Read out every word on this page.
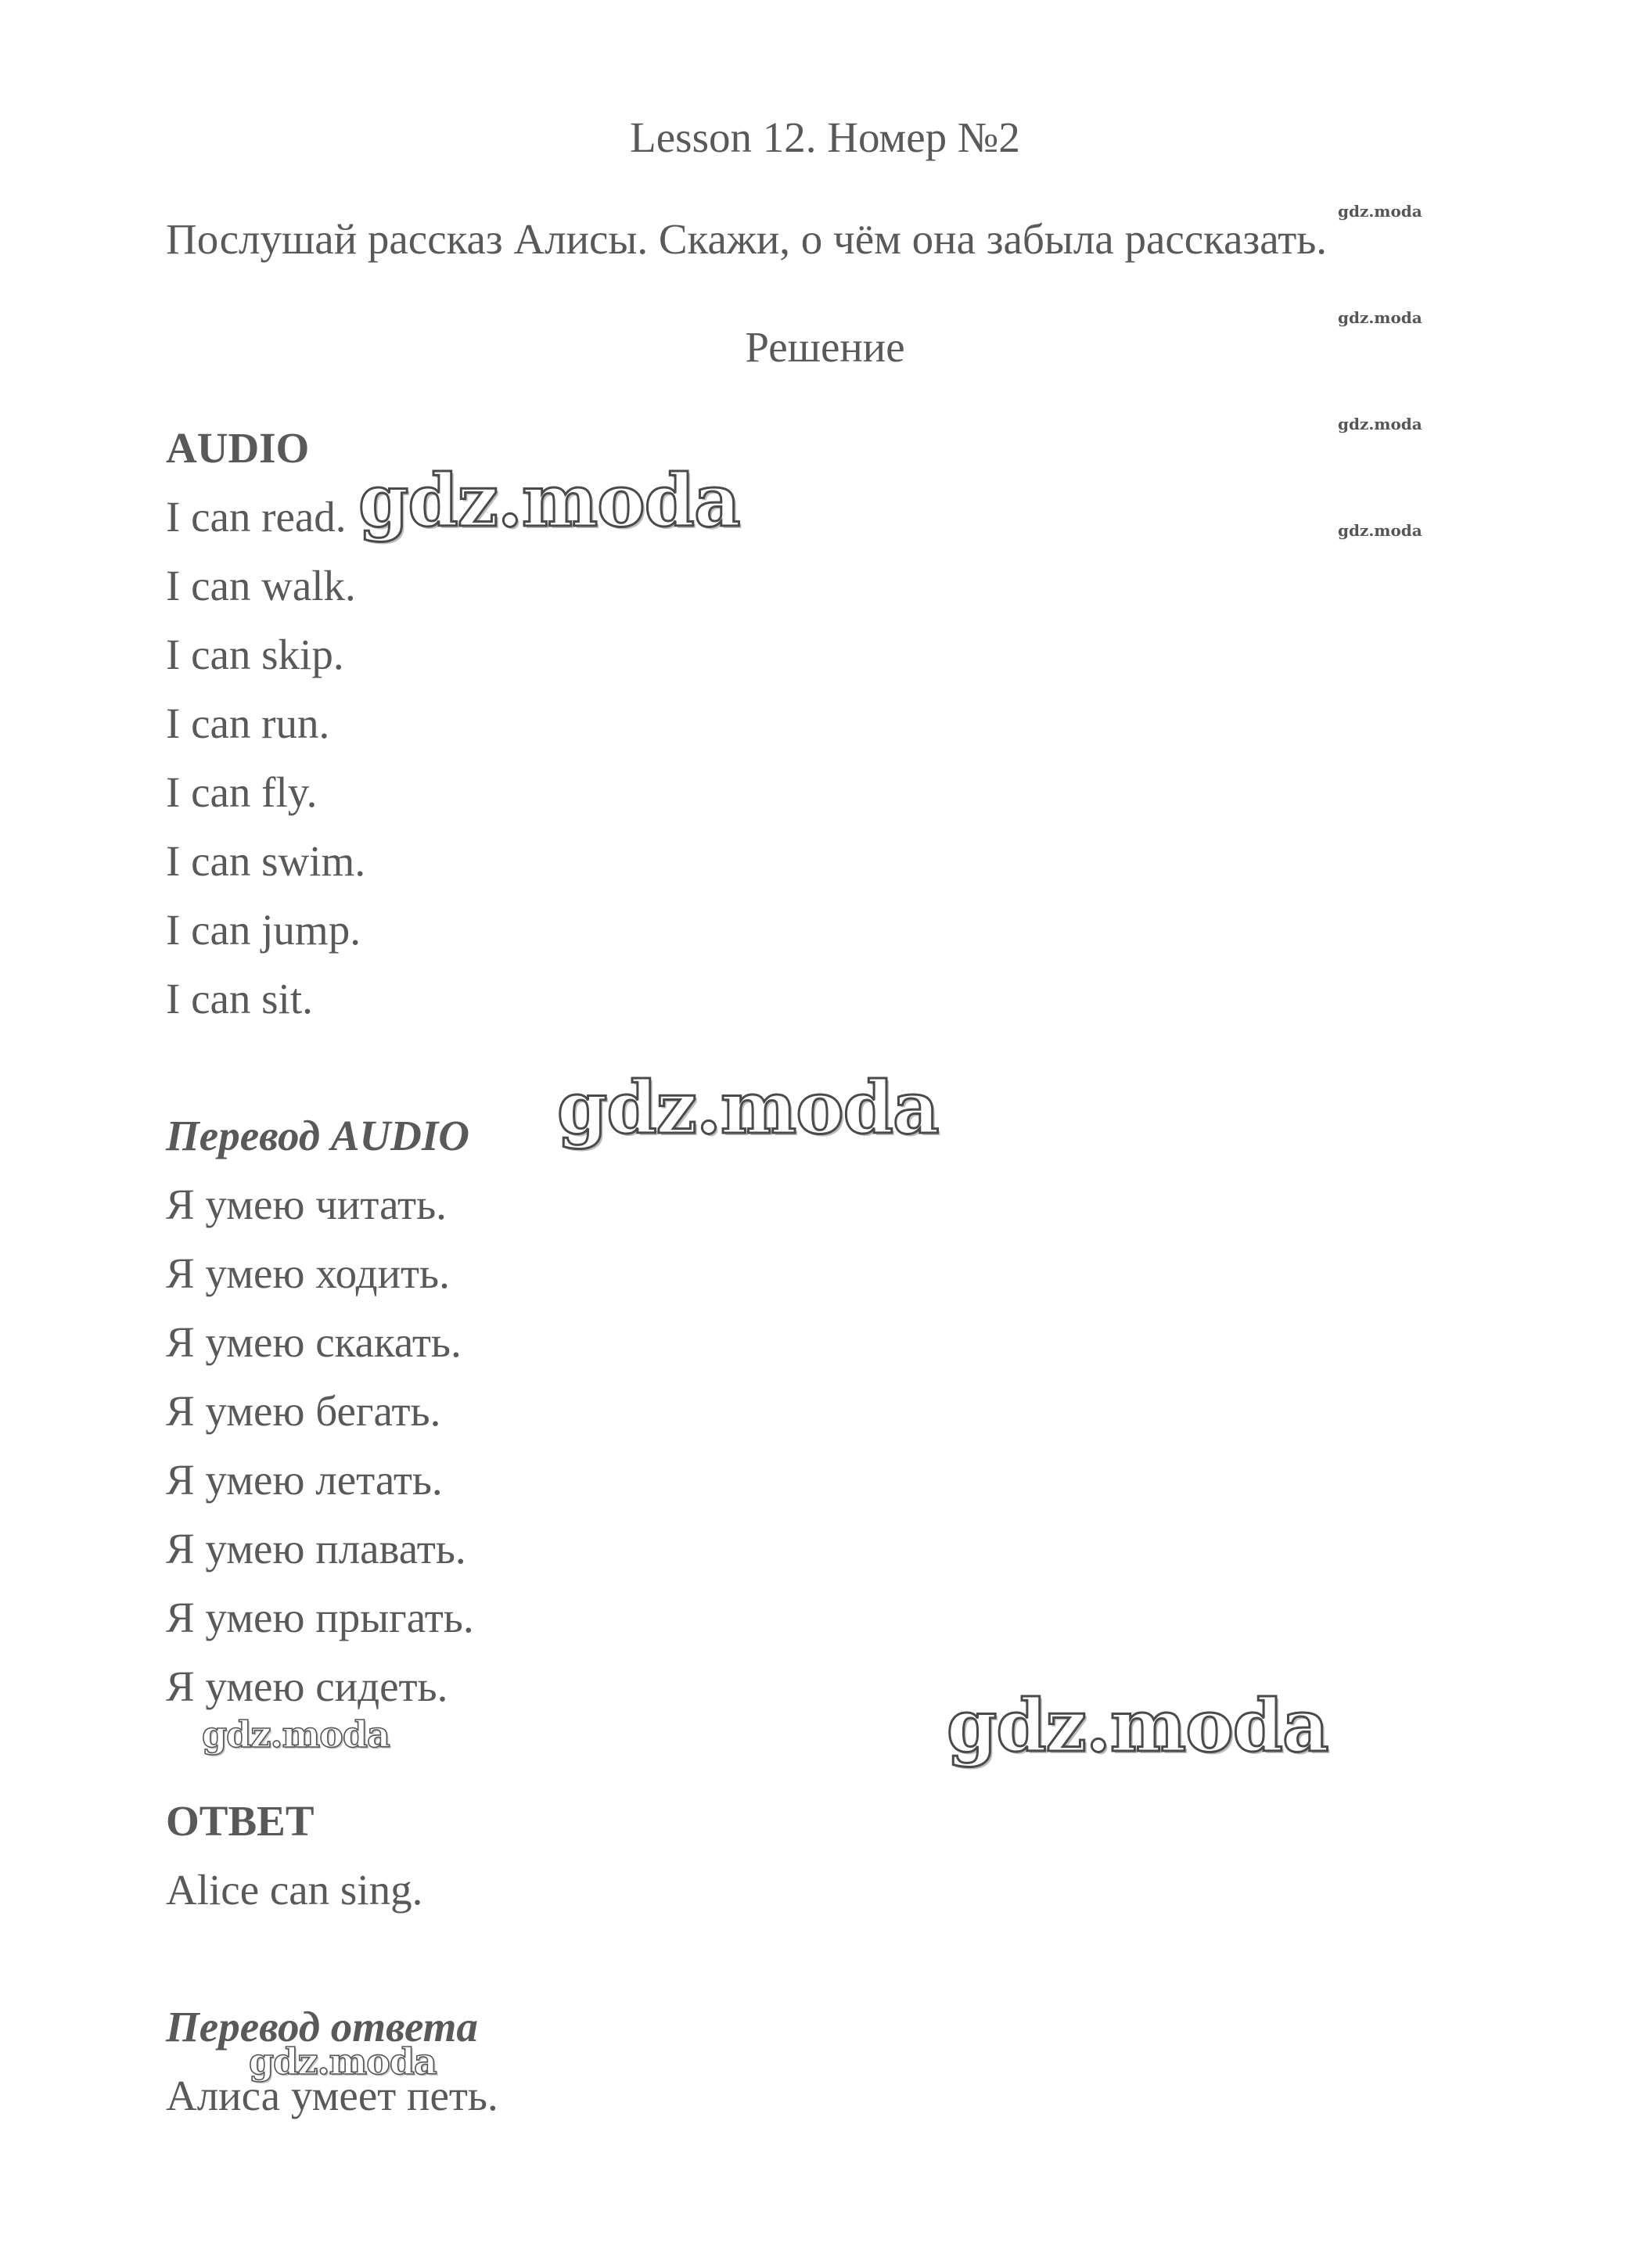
Lesson 12. Номер №2
Послушай рассказ Алисы. Скажи, о чём она забыла рассказать.
Решение
AUDIO
I can read.
I can walk.
I can skip.
I can run.
I can fly.
I can swim.
I can jump.
I can sit.
Перевод AUDIO
Я умею читать.
Я умею ходить.
Я умею скакать.
Я умею бегать.
Я умею летать.
Я умею плавать.
Я умею прыгать.
Я умею сидеть.
ОТВЕТ
Alice can sing.
Перевод ответа
Алиса умеет петь.
gdz.moda
gdz.moda
gdz.moda
gdz.moda
gdz.moda
gdz.moda
gdz.moda
gdz.moda
gdz.moda
